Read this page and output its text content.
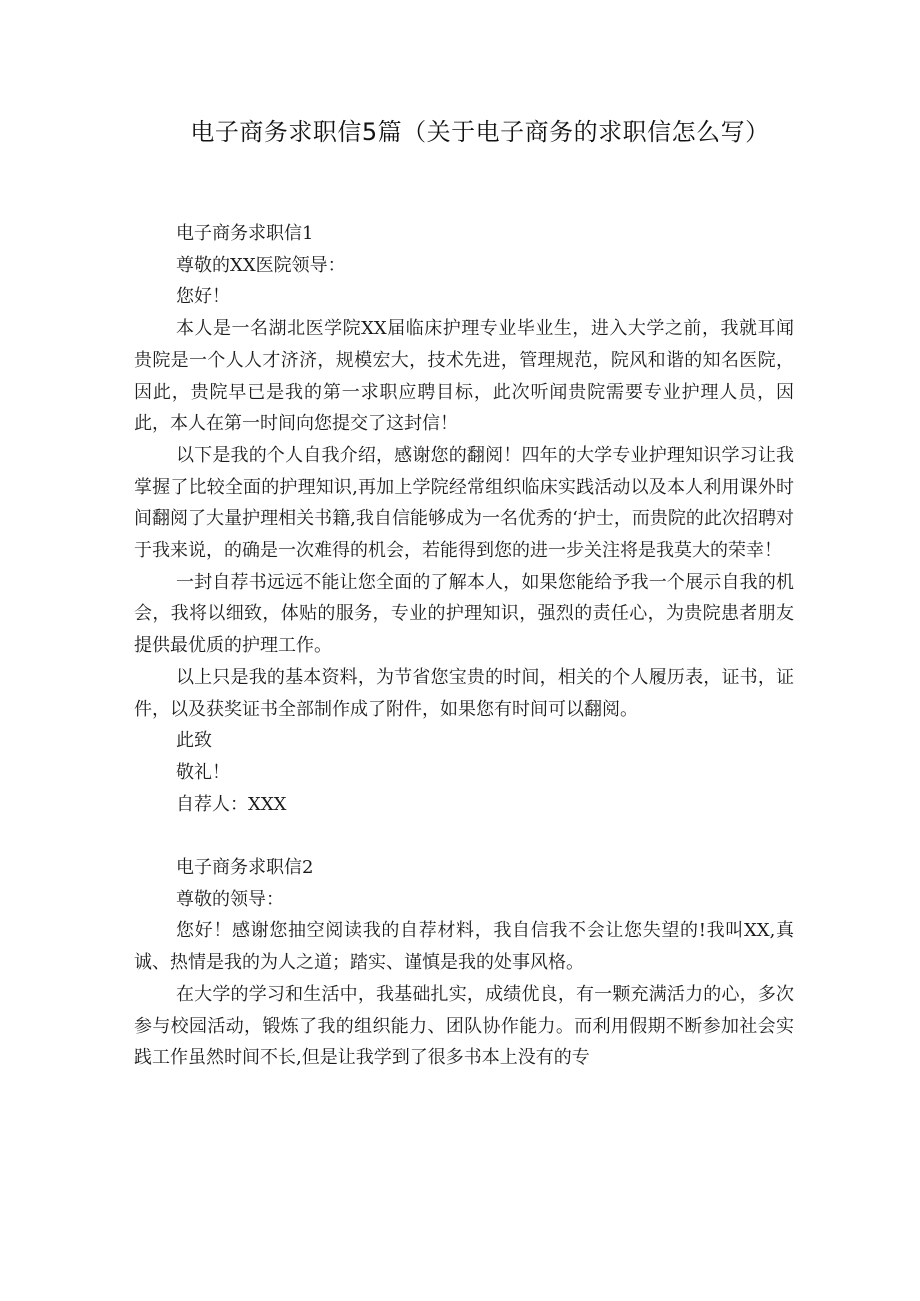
电子商务求职信5篇（关于电子商务的求职信怎么写）

电子商务求职信1

尊敬的XX医院领导：

您好！

本人是一名湖北医学院XX届临床护理专业毕业生，进入大学之前，我就耳闻贵院是一个人人才济济，规模宏大，技术先进，管理规范，院风和谐的知名医院，因此，贵院早已是我的第一求职应聘目标，此次听闻贵院需要专业护理人员，因此，本人在第一时间向您提交了这封信！

以下是我的个人自我介绍，感谢您的翻阅！四年的大学专业护理知识学习让我掌握了比较全面的护理知识,再加上学院经常组织临床实践活动以及本人利用课外时间翻阅了大量护理相关书籍,我自信能够成为一名优秀的‘护士，而贵院的此次招聘对于我来说，的确是一次难得的机会，若能得到您的进一步关注将是我莫大的荣幸！

一封自荐书远远不能让您全面的了解本人，如果您能给予我一个展示自我的机会，我将以细致，体贴的服务，专业的护理知识，强烈的责任心，为贵院患者朋友提供最优质的护理工作。

以上只是我的基本资料，为节省您宝贵的时间，相关的个人履历表，证书，证件，以及获奖证书全部制作成了附件，如果您有时间可以翻阅。

此致

敬礼！

自荐人：XXX

电子商务求职信2

尊敬的领导：

您好！感谢您抽空阅读我的自荐材料，我自信我不会让您失望的!我叫XX,真诚、热情是我的为人之道；踏实、谨慎是我的处事风格。

在大学的学习和生活中，我基础扎实，成绩优良，有一颗充满活力的心，多次参与校园活动，锻炼了我的组织能力、团队协作能力。而利用假期不断参加社会实践工作虽然时间不长,但是让我学到了很多书本上没有的专
